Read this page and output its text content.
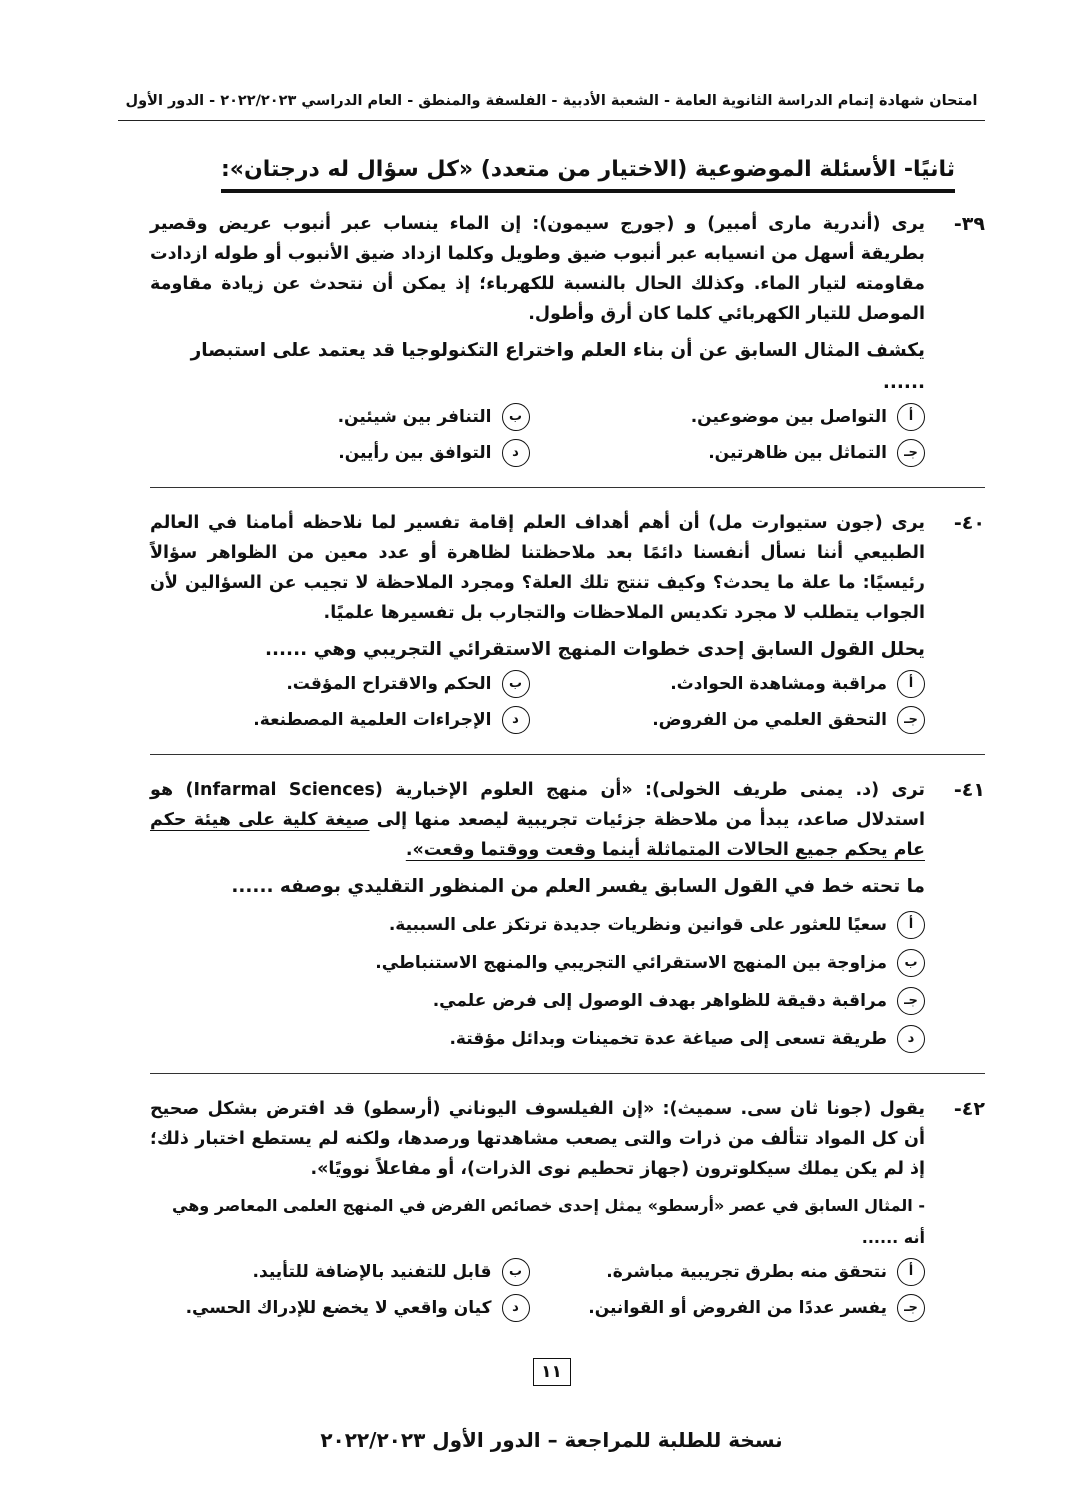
امتحان شهادة إتمام الدراسة الثانوية العامة - الشعبة الأدبية - الفلسفة والمنطق - العام الدراسي ٢٠٢٢/٢٠٢٣ - الدور الأول
ثانيًا- الأسئلة الموضوعية (الاختيار من متعدد) «كل سؤال له درجتان»:
٣٩-
يرى (أندرية مارى أمبير) و (جورج سيمون): إن الماء ينساب عبر أنبوب عريض وقصير بطريقة أسهل من انسيابه عبر أنبوب ضيق وطويل وكلما ازداد ضيق الأنبوب أو طوله ازدادت مقاومته لتيار الماء. وكذلك الحال بالنسبة للكهرباء؛ إذ يمكن أن نتحدث عن زيادة مقاومة الموصل للتيار الكهربائي كلما كان أرق وأطول.
يكشف المثال السابق عن أن بناء العلم واختراع التكنولوجيا قد يعتمد على استبصار ......
أ
التواصل بين موضوعين.
ب
التنافر بين شيئين.
جـ
التماثل بين ظاهرتين.
د
التوافق بين رأيين.
٤٠-
يرى (جون ستيوارت مل) أن أهم أهداف العلم إقامة تفسير لما نلاحظه أمامنا في العالم الطبيعي أننا نسأل أنفسنا دائمًا بعد ملاحظتنا لظاهرة أو عدد معين من الظواهر سؤالاً رئيسيًا: ما علة ما يحدث؟ وكيف تنتج تلك العلة؟ ومجرد الملاحظة لا تجيب عن السؤالين لأن الجواب يتطلب لا مجرد تكديس الملاحظات والتجارب بل تفسيرها علميًا.
يحلل القول السابق إحدى خطوات المنهج الاستقرائي التجريبي وهي ......
أ
مراقبة ومشاهدة الحوادث.
ب
الحكم والاقتراح المؤقت.
جـ
التحقق العلمي من الفروض.
د
الإجراءات العلمية المصطنعة.
٤١-
ترى (د. يمنى طريف الخولى): «أن منهج العلوم الإخبارية (Infarmal Sciences) هو استدلال صاعد، يبدأ من ملاحظة جزئيات تجريبية ليصعد منها إلى صيغة كلية على هيئة حكم عام يحكم جميع الحالات المتماثلة أينما وقعت ووقتما وقعت».
ما تحته خط في القول السابق يفسر العلم من المنظور التقليدي بوصفه ......
أ
سعيًا للعثور على قوانين ونظريات جديدة ترتكز على السببية.
ب
مزاوجة بين المنهج الاستقرائي التجريبي والمنهج الاستنباطي.
جـ
مراقبة دقيقة للظواهر بهدف الوصول إلى فرض علمي.
د
طريقة تسعى إلى صياغة عدة تخمينات وبدائل مؤقتة.
٤٢-
يقول (جونا ثان سى. سميث): «إن الفيلسوف اليوناني (أرسطو) قد افترض بشكل صحيح أن كل المواد تتألف من ذرات والتى يصعب مشاهدتها ورصدها، ولكنه لم يستطع اختبار ذلك؛ إذ لم يكن يملك سيكلوترون (جهاز تحطيم نوى الذرات)، أو مفاعلاً نوويًا».
- المثال السابق في عصر «أرسطو» يمثل إحدى خصائص الفرض في المنهج العلمى المعاصر وهي أنه ......
أ
نتحقق منه بطرق تجريبية مباشرة.
ب
قابل للتفنيد بالإضافة للتأييد.
جـ
يفسر عددًا من الفروض أو القوانين.
د
كيان واقعي لا يخضع للإدراك الحسي.
١١
نسخة للطلبة للمراجعة – الدور الأول ٢٠٢٢/٢٠٢٣
